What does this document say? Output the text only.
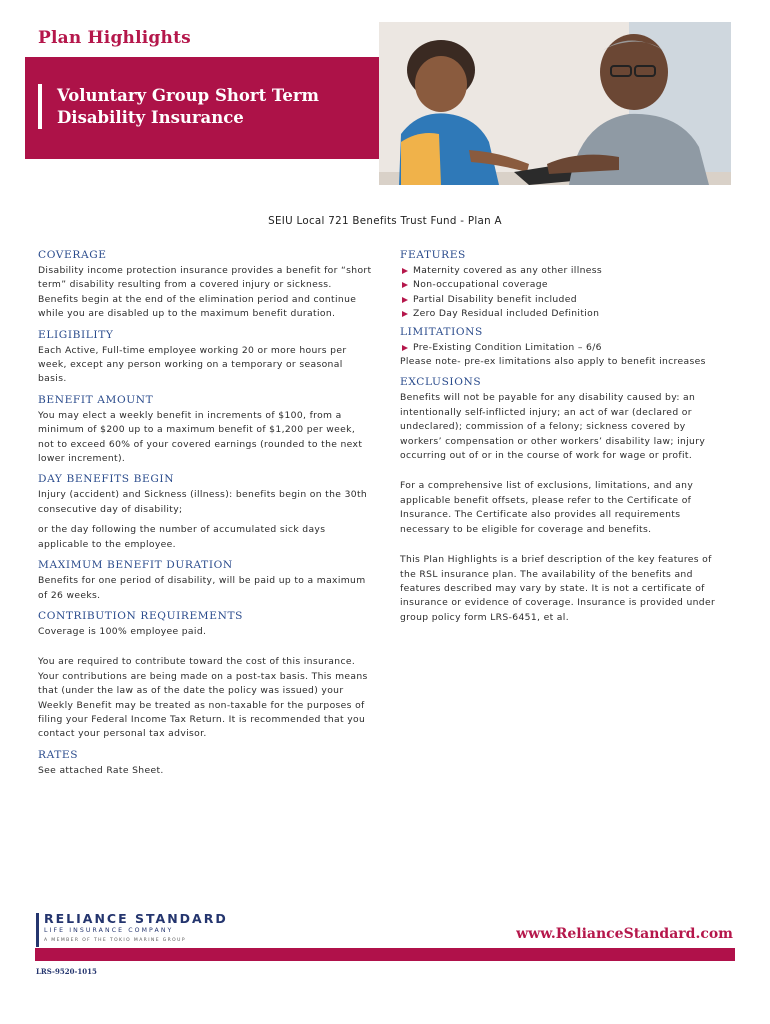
Plan Highlights
Voluntary Group Short Term Disability Insurance
SEIU Local 721 Benefits Trust Fund - Plan A
COVERAGE
Disability income protection insurance provides a benefit for “short term” disability resulting from a covered injury or sickness. Benefits begin at the end of the elimination period and continue while you are disabled up to the maximum benefit duration.
ELIGIBILITY
Each Active, Full-time employee working 20 or more hours per week, except any person working on a temporary or seasonal basis.
BENEFIT AMOUNT
You may elect a weekly benefit in increments of $100, from a minimum of $200 up to a maximum benefit of $1,200 per week, not to exceed 60% of your covered earnings (rounded to the next lower increment).
DAY BENEFITS BEGIN
Injury (accident) and Sickness (illness): benefits begin on the 30th consecutive day of disability;
or the day following the number of accumulated sick days applicable to the employee.
MAXIMUM BENEFIT DURATION
Benefits for one period of disability, will be paid up to a maximum of 26 weeks.
CONTRIBUTION REQUIREMENTS
Coverage is 100% employee paid.
You are required to contribute toward the cost of this insurance. Your contributions are being made on a post-tax basis. This means that (under the law as of the date the policy was issued) your Weekly Benefit may be treated as non-taxable for the purposes of filing your Federal Income Tax Return. It is recommended that you contact your personal tax advisor.
RATES
See attached Rate Sheet.
FEATURES
Maternity covered as any other illness
Non-occupational coverage
Partial Disability benefit included
Zero Day Residual included Definition
LIMITATIONS
Pre-Existing Condition Limitation – 6/6
Please note- pre-ex limitations also apply to benefit increases
EXCLUSIONS
Benefits will not be payable for any disability caused by: an intentionally self-inflicted injury; an act of war (declared or undeclared); commission of a felony; sickness covered by workers’ compensation or other workers’ disability law; injury occurring out of or in the course of work for wage or profit.
For a comprehensive list of exclusions, limitations, and any applicable benefit offsets, please refer to the Certificate of Insurance. The Certificate also provides all requirements necessary to be eligible for coverage and benefits.
This Plan Highlights is a brief description of the key features of the RSL insurance plan. The availability of the benefits and features described may vary by state. It is not a certificate of insurance or evidence of coverage. Insurance is provided under group policy form LRS-6451, et al.
RELIANCE STANDARD
LIFE INSURANCE COMPANY
A MEMBER OF THE TOKIO MARINE GROUP	www.RelianceStandard.com
LRS-9520-1015
